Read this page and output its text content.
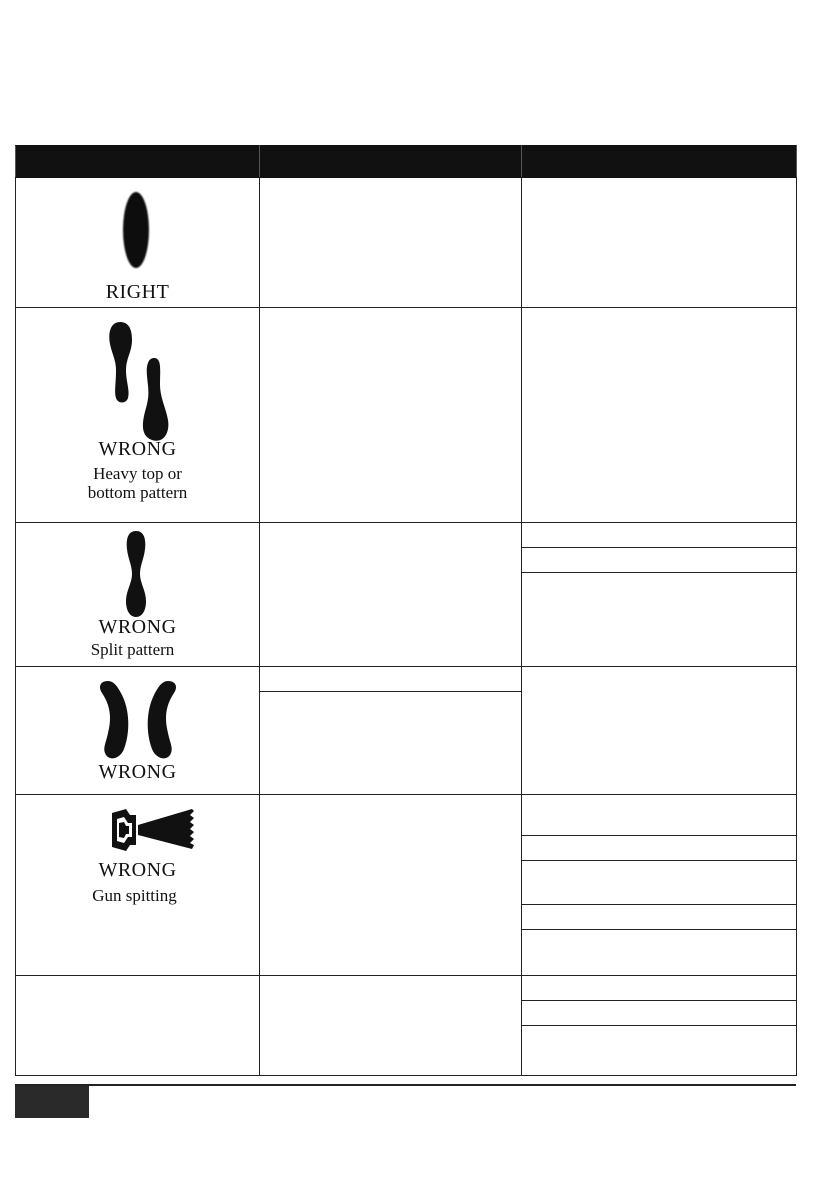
RIGHT		

WRONG
Heavy top or
bottom pattern		

WRONG
Split pattern		

WRONG		

WRONG
Gun spitting		
